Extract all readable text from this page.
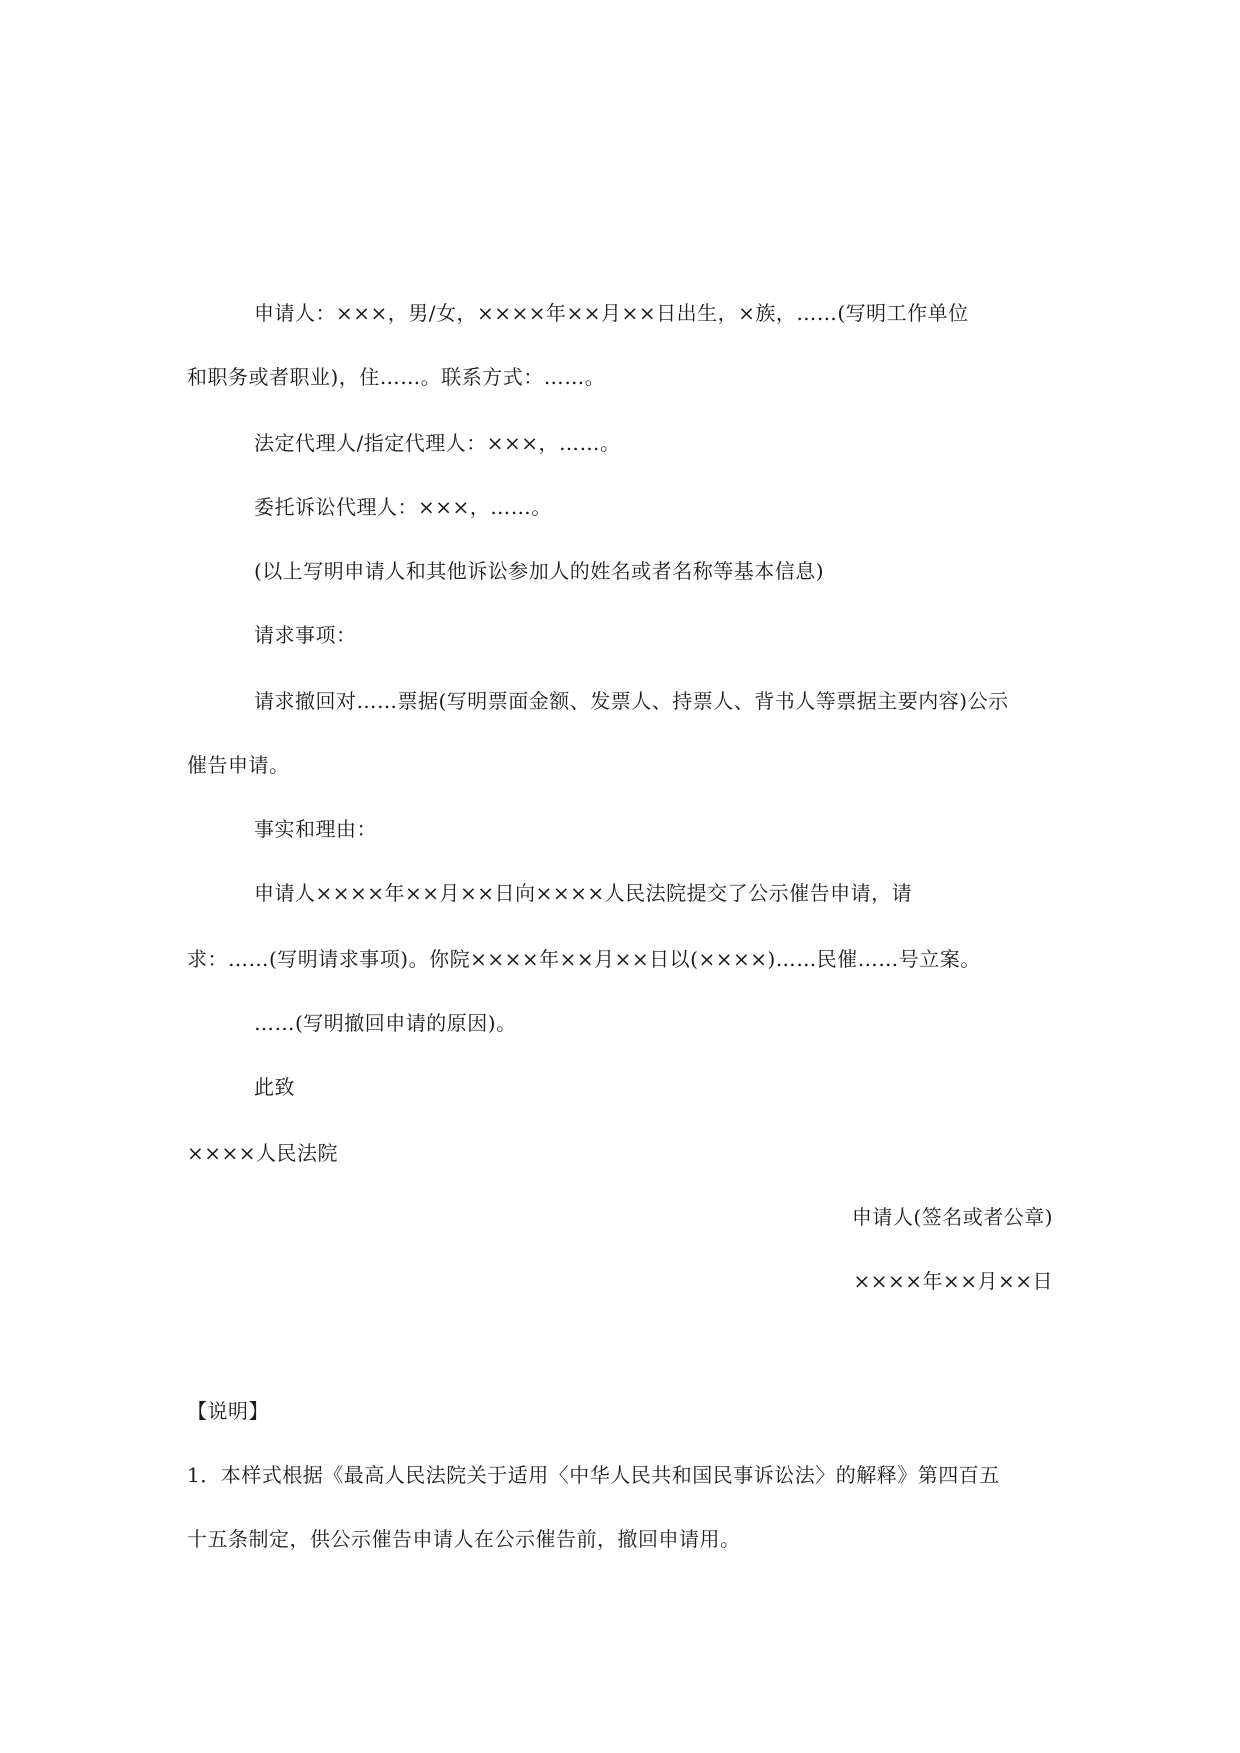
申请人：×××，男/女，××××年××月××日出生，×族，……(写明工作单位
和职务或者职业)，住……。联系方式：……。
法定代理人/指定代理人：×××，……。
委托诉讼代理人：×××，……。
(以上写明申请人和其他诉讼参加人的姓名或者名称等基本信息)
请求事项：
请求撤回对……票据(写明票面金额、发票人、持票人、背书人等票据主要内容)公示
催告申请。
事实和理由：
申请人××××年××月××日向××××人民法院提交了公示催告申请，请
求：……(写明请求事项)。你院××××年××月××日以(××××)……民催……号立案。
……(写明撤回申请的原因)。
此致
××××人民法院
申请人(签名或者公章)
××××年××月××日
【说明】
1．本样式根据《最高人民法院关于适用〈中华人民共和国民事诉讼法〉的解释》第四百五
十五条制定，供公示催告申请人在公示催告前，撤回申请用。
